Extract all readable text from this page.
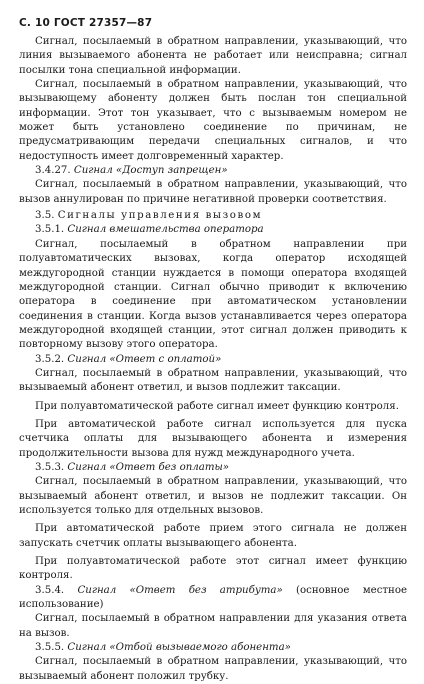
С. 10 ГОСТ 27357—87

Сигнал, посылаемый в обратном направлении, указывающий, что линия вызываемого абонента не работает или неисправна; сигнал посылки тона специальной информации.

Сигнал, посылаемый в обратном направлении, указывающий, что вызывающему абоненту должен быть послан тон специальной информации. Этот тон указывает, что с вызываемым номером не может быть установлено соединение по причинам, не предусматривающим передачи специальных сигналов, и что недоступность имеет долговременный характер.

3.4.27. Сигнал «Доступ запрещен»

Сигнал, посылаемый в обратном направлении, указывающий, что вызов аннулирован по причине негативной проверки соответствия.

3.5. Сигналы управления вызовом

3.5.1. Сигнал вмешательства оператора

Сигнал, посылаемый в обратном направлении при полуавтоматических вызовах, когда оператор исходящей междугородной станции нуждается в помощи оператора входящей междугородной станции. Сигнал обычно приводит к включению оператора в соединение при автоматическом установлении соединения в станции. Когда вызов устанавливается через оператора междугородной входящей станции, этот сигнал должен приводить к повторному вызову этого оператора.

3.5.2. Сигнал «Ответ с оплатой»

Сигнал, посылаемый в обратном направлении, указывающий, что вызываемый абонент ответил, и вызов подлежит таксации.

При полуавтоматической работе сигнал имеет функцию контроля.

При автоматической работе сигнал используется для пуска счетчика оплаты для вызывающего абонента и измерения продолжительности вызова для нужд международного учета.

3.5.3. Сигнал «Ответ без оплаты»

Сигнал, посылаемый в обратном направлении, указывающий, что вызываемый абонент ответил, и вызов не подлежит таксации. Он используется только для отдельных вызовов.

При автоматической работе прием этого сигнала не должен запускать счетчик оплаты вызывающего абонента.

При полуавтоматической работе этот сигнал имеет функцию контроля.

3.5.4. Сигнал «Ответ без атрибута» (основное местное использование)

Сигнал, посылаемый в обратном направлении для указания ответа на вызов.

3.5.5. Сигнал «Отбой вызываемого абонента»

Сигнал, посылаемый в обратном направлении, указывающий, что вызываемый абонент положил трубку.
